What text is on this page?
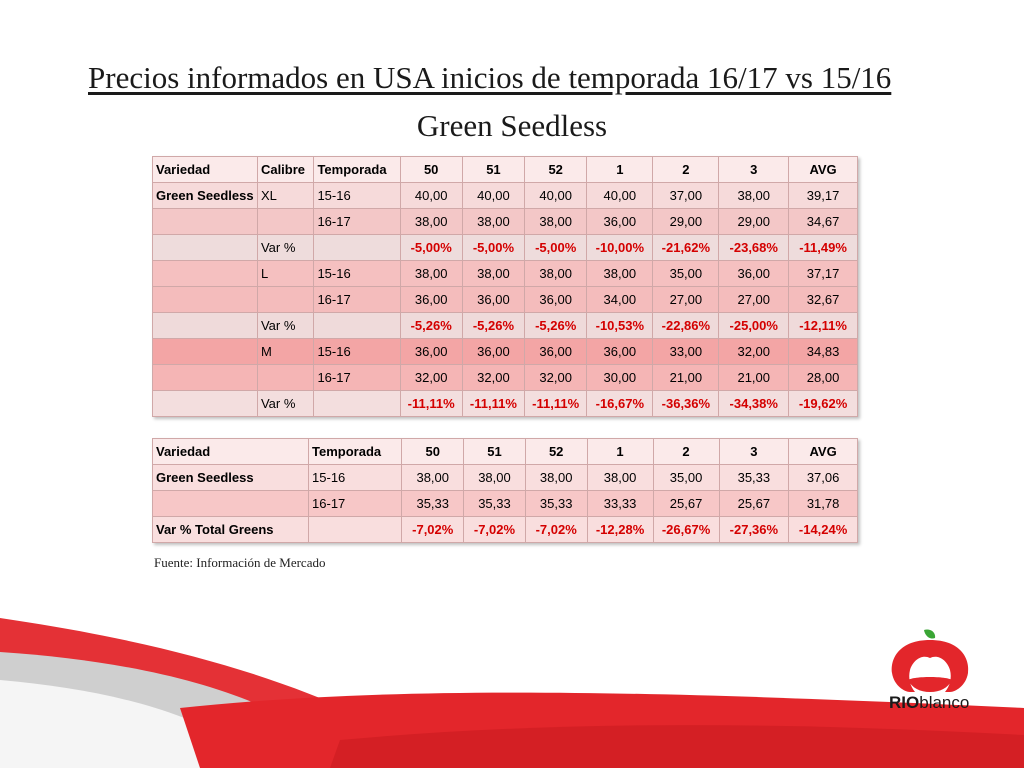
Precios informados en USA inicios de temporada 16/17 vs 15/16
Green Seedless
Variedad	Calibre	Temporada	50	51	52	1	2	3	AVG
Green Seedless	XL	15-16	40,00	40,00	40,00	40,00	37,00	38,00	39,17
		16-17	38,00	38,00	38,00	36,00	29,00	29,00	34,67
	Var %		-5,00%	-5,00%	-5,00%	-10,00%	-21,62%	-23,68%	-11,49%
	L	15-16	38,00	38,00	38,00	38,00	35,00	36,00	37,17
		16-17	36,00	36,00	36,00	34,00	27,00	27,00	32,67
	Var %		-5,26%	-5,26%	-5,26%	-10,53%	-22,86%	-25,00%	-12,11%
	M	15-16	36,00	36,00	36,00	36,00	33,00	32,00	34,83
		16-17	32,00	32,00	32,00	30,00	21,00	21,00	28,00
	Var %		-11,11%	-11,11%	-11,11%	-16,67%	-36,36%	-34,38%	-19,62%
Variedad	Temporada	50	51	52	1	2	3	AVG
Green Seedless	15-16	38,00	38,00	38,00	38,00	35,00	35,33	37,06
	16-17	35,33	35,33	35,33	33,33	25,67	25,67	31,78
Var % Total Greens		-7,02%	-7,02%	-7,02%	-12,28%	-26,67%	-27,36%	-14,24%
Fuente: Información de Mercado
RIOblanco
